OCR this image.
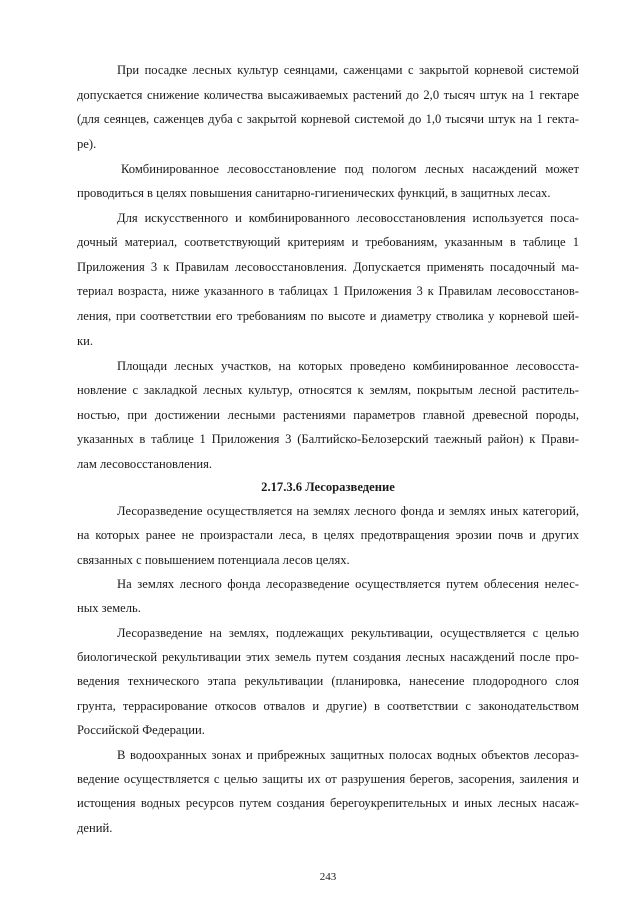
При посадке лесных культур сеянцами, саженцами с закрытой корневой системой

допускается снижение количества высаживаемых растений до 2,0 тысяч штук на 1 гектаре

(для сеянцев, саженцев дуба с закрытой корневой системой до 1,0 тысячи штук на 1 гекта-

ре).

Комбинированное лесовосстановление под пологом лесных насаждений может

проводиться в целях повышения санитарно-гигиенических функций, в защитных лесах.

Для искусственного и комбинированного лесовосстановления используется поса-

дочный материал, соответствующий критериям и требованиям, указанным в таблице 1

Приложения 3 к Правилам лесовосстановления. Допускается применять посадочный ма-

териал возраста, ниже указанного в таблицах 1 Приложения 3 к Правилам лесовосстанов-

ления, при соответствии его требованиям по высоте и диаметру стволика у корневой шей-

ки.

Площади лесных участков, на которых проведено комбинированное лесовосста-

новление с закладкой лесных культур, относятся к землям, покрытым лесной раститель-

ностью, при достижении лесными растениями параметров главной древесной породы,

указанных в таблице 1 Приложения 3 (Балтийско-Белозерский таежный район) к Прави-

лам лесовосстановления.

2.17.3.6 Лесоразведение

Лесоразведение осуществляется на землях лесного фонда и землях иных категорий,

на которых ранее не произрастали леса, в целях предотвращения эрозии почв и других

связанных с повышением потенциала лесов целях.

На землях лесного фонда лесоразведение осуществляется путем облесения нелес-

ных земель.

Лесоразведение на землях, подлежащих рекультивации, осуществляется с целью

биологической рекультивации этих земель путем создания лесных насаждений после про-

ведения технического этапа рекультивации (планировка, нанесение плодородного слоя

грунта, террасирование откосов отвалов и другие) в соответствии с законодательством

Российской Федерации.

В водоохранных зонах и прибрежных защитных полосах водных объектов лесораз-

ведение осуществляется с целью защиты их от разрушения берегов, засорения, заиления и

истощения водных ресурсов путем создания берегоукрепительных и иных лесных насаж-

дений.

243
